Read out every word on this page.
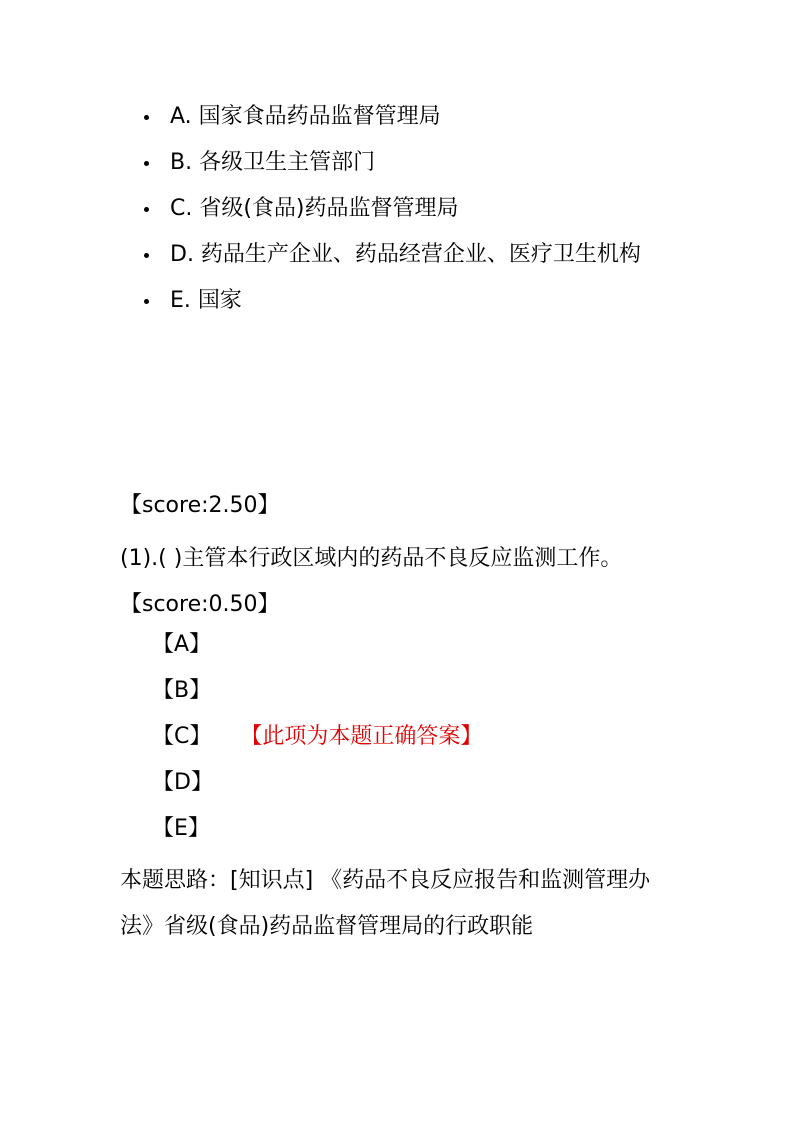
A. 国家食品药品监督管理局
B. 各级卫生主管部门
C. 省级(食品)药品监督管理局
D. 药品生产企业、药品经营企业、医疗卫生机构
E. 国家
【score:2.50】
(1).( )主管本行政区域内的药品不良反应监测工作。【score:0.50】
【A】
【B】
【C】 【此项为本题正确答案】
【D】
【E】
本题思路：[知识点] 《药品不良反应报告和监测管理办法》省级(食品)药品监督管理局的行政职能
